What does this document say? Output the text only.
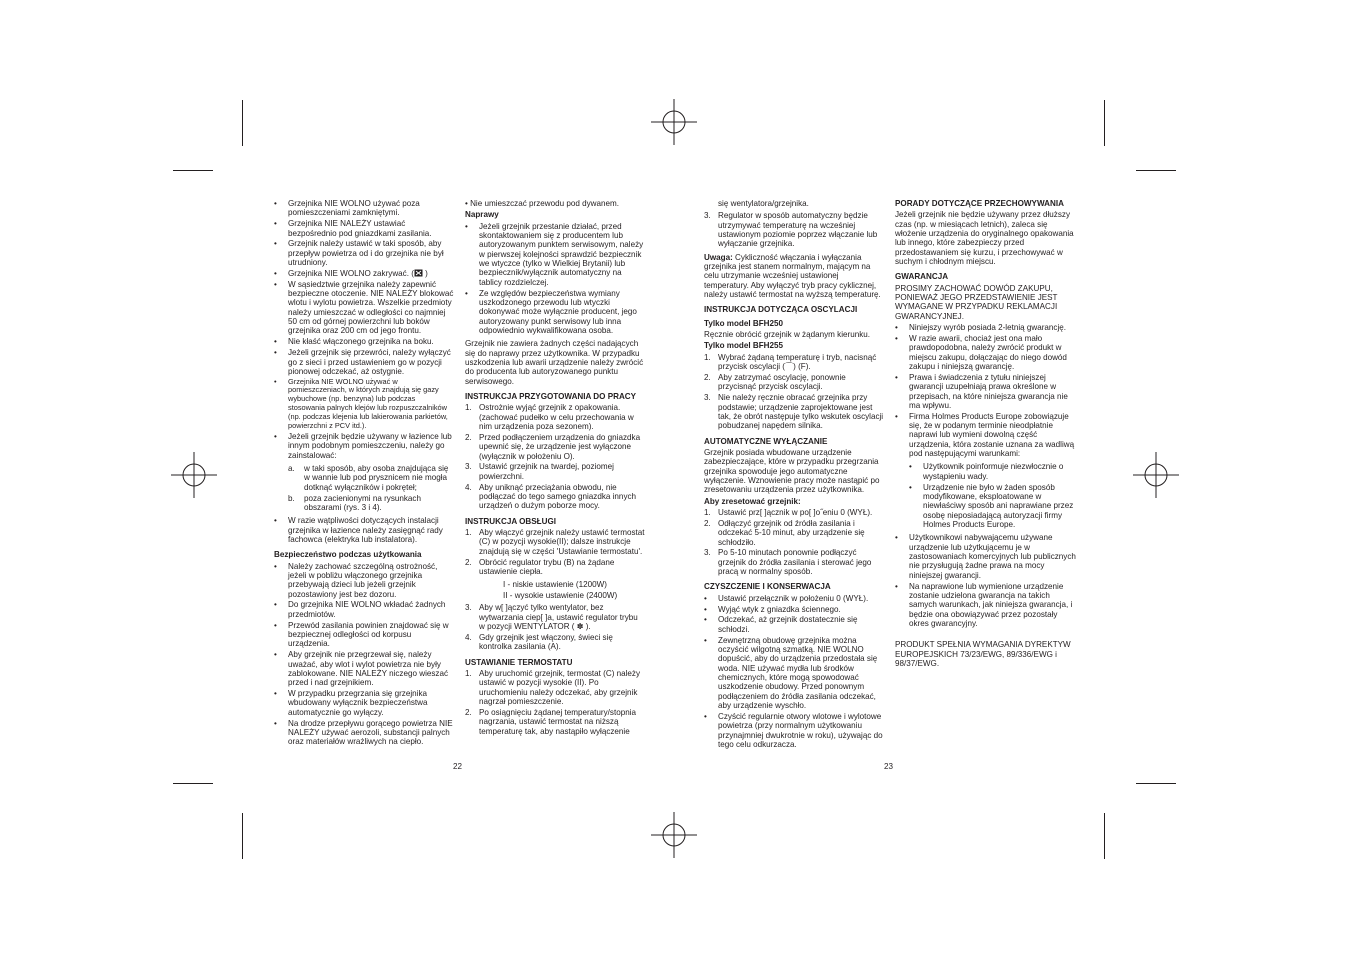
• Grzejnika NIE WOLNO używać poza pomieszczeniami zamkniętymi.
• Grzejnika NIE NALEŻY ustawiać bezpośrednio pod gniazdkami zasilania.
• Grzejnik należy ustawić w taki sposób, aby przepływ powietrza od i do grzejnika nie był utrudniony.
• Grzejnika NIE WOLNO zakrywać. ( )
• W sąsiedztwie grzejnika należy zapewnić bezpieczne otoczenie. NIE NALEŻY blokować wlotu i wylotu powietrza. Wszelkie przedmioty należy umieszczać w odległości co najmniej 50 cm od górnej powierzchni lub boków grzejnika oraz 200 cm od jego frontu.
• Nie kłaść włączonego grzejnika na boku.
• Jeżeli grzejnik się przewróci, należy wyłączyć go z sieci i przed ustawieniem go w pozycji pionowej odczekać, aż ostygnie.
• Grzejnika NIE WOLNO używać w pomieszczeniach, w których znajdują się gazy wybuchowe (np. benzyna) lub podczas stosowania palnych klejów lub rozpuszczalników (np. podczas klejenia lub lakierowania parkietów, powierzchni z PCV itd.).
• Jeżeli grzejnik będzie używany w łazience lub innym podobnym pomieszczeniu, należy go zainstalować:
a. w taki sposób, aby osoba znajdująca się w wannie lub pod prysznicem nie mogła dotknąć wyłączników i pokręteł;
b. poza zacienionymi na rysunkach obszarami (rys. 3 i 4).
• W razie wątpliwości dotyczących instalacji grzejnika w łazience należy zasięgnąć rady fachowca (elektryka lub instalatora).
Bezpieczeństwo podczas użytkowania
• Należy zachować szczególną ostrożność, jeżeli w pobliżu włączonego grzejnika przebywają dzieci lub jeżeli grzejnik pozostawiony jest bez dozoru.
• Do grzejnika NIE WOLNO wkładać żadnych przedmiotów.
• Przewód zasilania powinien znajdować się w bezpiecznej odległości od korpusu urządzenia.
• Aby grzejnik nie przegrzewał się, należy uważać, aby wlot i wylot powietrza nie były zablokowane. NIE NALEŻY niczego wieszać przed i nad grzejnikiem.
• W przypadku przegrzania się grzejnika wbudowany wyłącznik bezpieczeństwa automatycznie go wyłączy.
• Na drodze przepływu gorącego powietrza NIE NALEŻY używać aerozoli, substancji palnych oraz materiałów wrażliwych na ciepło.

• Nie umieszczać przewodu pod dywanem.

Naprawy
• Jeżeli grzejnik przestanie działać, przed skontaktowaniem się z producentem lub autoryzowanym punktem serwisowym, należy w pierwszej kolejności sprawdzić bezpiecznik we wtyczce (tylko w Wielkiej Brytanii) lub bezpiecznik/wyłącznik automatyczny na tablicy rozdzielczej.
• Ze względów bezpieczeństwa wymiany uszkodzonego przewodu lub wtyczki dokonywać może wyłącznie producent, jego autoryzowany punkt serwisowy lub inna odpowiednio wykwalifikowana osoba.

Grzejnik nie zawiera żadnych części nadających się do naprawy przez użytkownika. W przypadku uszkodzenia lub awarii urządzenie należy zwrócić do producenta lub autoryzowanego punktu serwisowego.

INSTRUKCJA PRZYGOTOWANIA DO PRACY
1. Ostrożnie wyjąć grzejnik z opakowania. (zachować pudełko w celu przechowania w nim urządzenia poza sezonem).
2. Przed podłączeniem urządzenia do gniazdka upewnić się, że urządzenie jest wyłączone (wyłącznik w położeniu O).
3. Ustawić grzejnik na twardej, poziomej powierzchni.
4. Aby uniknąć przeciążania obwodu, nie podłączać do tego samego gniazdka innych urządzeń o dużym poborze mocy.
INSTRUKCJA OBSŁUGI
1. Aby włączyć grzejnik należy ustawić termostat (C) w pozycji wysokie(II); dalsze instrukcje znajdują się w części 'Ustawianie termostatu'.
2. Obrócić regulator trybu (B) na żądane ustawienie ciepła.
I - niskie ustawienie (1200W)
II - wysokie ustawienie (2400W)
3. Aby w[ ]ączyć tylko wentylator, bez wytwarzania ciep[ ]a, ustawić regulator trybu w pozycji WENTYLATOR ( ✽ ).
4. Gdy grzejnik jest włączony, świeci się kontrolka zasilania (A).
USTAWIANIE TERMOSTATU
1. Aby uruchomić grzejnik, termostat (C) należy ustawić w pozycji wysokie (II). Po uruchomieniu należy odczekać, aby grzejnik nagrzał pomieszczenie.
2. Po osiągnięciu żądanej temperatury/stopnia nagrzania, ustawić termostat na niższą temperaturę tak, aby nastąpiło wyłączenie
się wentylatora/grzejnika.
3. Regulator w sposób automatyczny będzie utrzymywać temperaturę na wcześniej ustawionym poziomie poprzez włączanie lub wyłączanie grzejnika.

Uwaga: Cykliczność włączania i wyłączania grzejnika jest stanem normalnym, mającym na celu utrzymanie wcześniej ustawionej temperatury. Aby wyłączyć tryb pracy cyklicznej, należy ustawić termostat na wyższą temperaturę.

INSTRUKCJA DOTYCZĄCA OSCYLACJI
Tylko model BFH250

Ręcznie obrócić grzejnik w żądanym kierunku.

Tylko model BFH255
1. Wybrać żądaną temperaturę i tryb, nacisnąć przycisk oscylacji (⌒) (F).
2. Aby zatrzymać oscylację, ponownie przycisnąć przycisk oscylacji.
3. Nie należy ręcznie obracać grzejnika przy podstawie; urządzenie zaprojektowane jest tak, że obrót następuje tylko wskutek oscylacji pobudzanej napędem silnika.
AUTOMATYCZNE WYŁĄCZANIE

Grzejnik posiada wbudowane urządzenie zabezpieczające, które w przypadku przegrzania grzejnika spowoduje jego automatyczne wyłączenie. Wznowienie pracy może nastąpić po zresetowaniu urządzenia przez użytkownika.

Aby zresetować grzejnik:
1. Ustawić prz[ ]ącznik w po[ ]o˝eniu 0 (WYŁ).
2. Odłączyć grzejnik od źródła zasilania i odczekać 5-10 minut, aby urządzenie się schłodziło.
3. Po 5-10 minutach ponownie podłączyć grzejnik do źródła zasilania i sterować jego pracą w normalny sposób.
CZYSZCZENIE I KONSERWACJA
• Ustawić przełącznik w położeniu 0 (WYŁ).
• Wyjąć wtyk z gniazdka ściennego.
• Odczekać, aż grzejnik dostatecznie się schłodzi.
• Zewnętrzną obudowę grzejnika można oczyścić wilgotną szmatką. NIE WOLNO dopuścić, aby do urządzenia przedostała się woda. NIE używać mydła lub środków chemicznych, które mogą spowodować uszkodzenie obudowy. Przed ponownym podłączeniem do źródła zasilania odczekać, aby urządzenie wyschło.
• Czyścić regularnie otwory wlotowe i wylotowe powietrza (przy normalnym użytkowaniu przynajmniej dwukrotnie w roku), używając do tego celu odkurzacza.
PORADY DOTYCZĄCE PRZECHOWYWANIA

Jeżeli grzejnik nie będzie używany przez dłuższy czas (np. w miesiącach letnich), zaleca się włożenie urządzenia do oryginalnego opakowania lub innego, które zabezpieczy przed przedostawaniem się kurzu, i przechowywać w suchym i chłodnym miejscu.

GWARANCJA

PROSIMY ZACHOWAĆ DOWÓD ZAKUPU, PONIEWAŻ JEGO PRZEDSTAWIENIE JEST WYMAGANE W PRZYPADKU REKLAMACJI GWARANCYJNEJ.

• Niniejszy wyrób posiada 2-letnią gwarancję.
• W razie awarii, chociaż jest ona mało prawdopodobna, należy zwrócić produkt w miejscu zakupu, dołączając do niego dowód zakupu i niniejszą gwarancję.
• Prawa i świadczenia z tytułu niniejszej gwarancji uzupełniają prawa określone w przepisach, na które niniejsza gwarancja nie ma wpływu.
• Firma Holmes Products Europe zobowiązuje się, że w podanym terminie nieodpłatnie naprawi lub wymieni dowolną część urządzenia, która zostanie uznana za wadliwą pod następującymi warunkami:
• Użytkownik poinformuje niezwłocznie o wystąpieniu wady.
• Urządzenie nie było w żaden sposób modyfikowane, eksploatowane w niewłaściwy sposób ani naprawiane przez osobę nieposiadającą autoryzacji firmy Holmes Products Europe.
• Użytkownikowi nabywającemu używane urządzenie lub użytkującemu je w zastosowaniach komercyjnych lub publicznych nie przysługują żadne prawa na mocy niniejszej gwarancji.
• Na naprawione lub wymienione urządzenie zostanie udzielona gwarancja na takich samych warunkach, jak niniejsza gwarancja, i będzie ona obowiązywać przez pozostały okres gwarancyjny.

PRODUKT SPEŁNIA WYMAGANIA DYREKTYW EUROPEJSKICH 73/23/EWG, 89/336/EWG i 98/37/EWG.

22	23
